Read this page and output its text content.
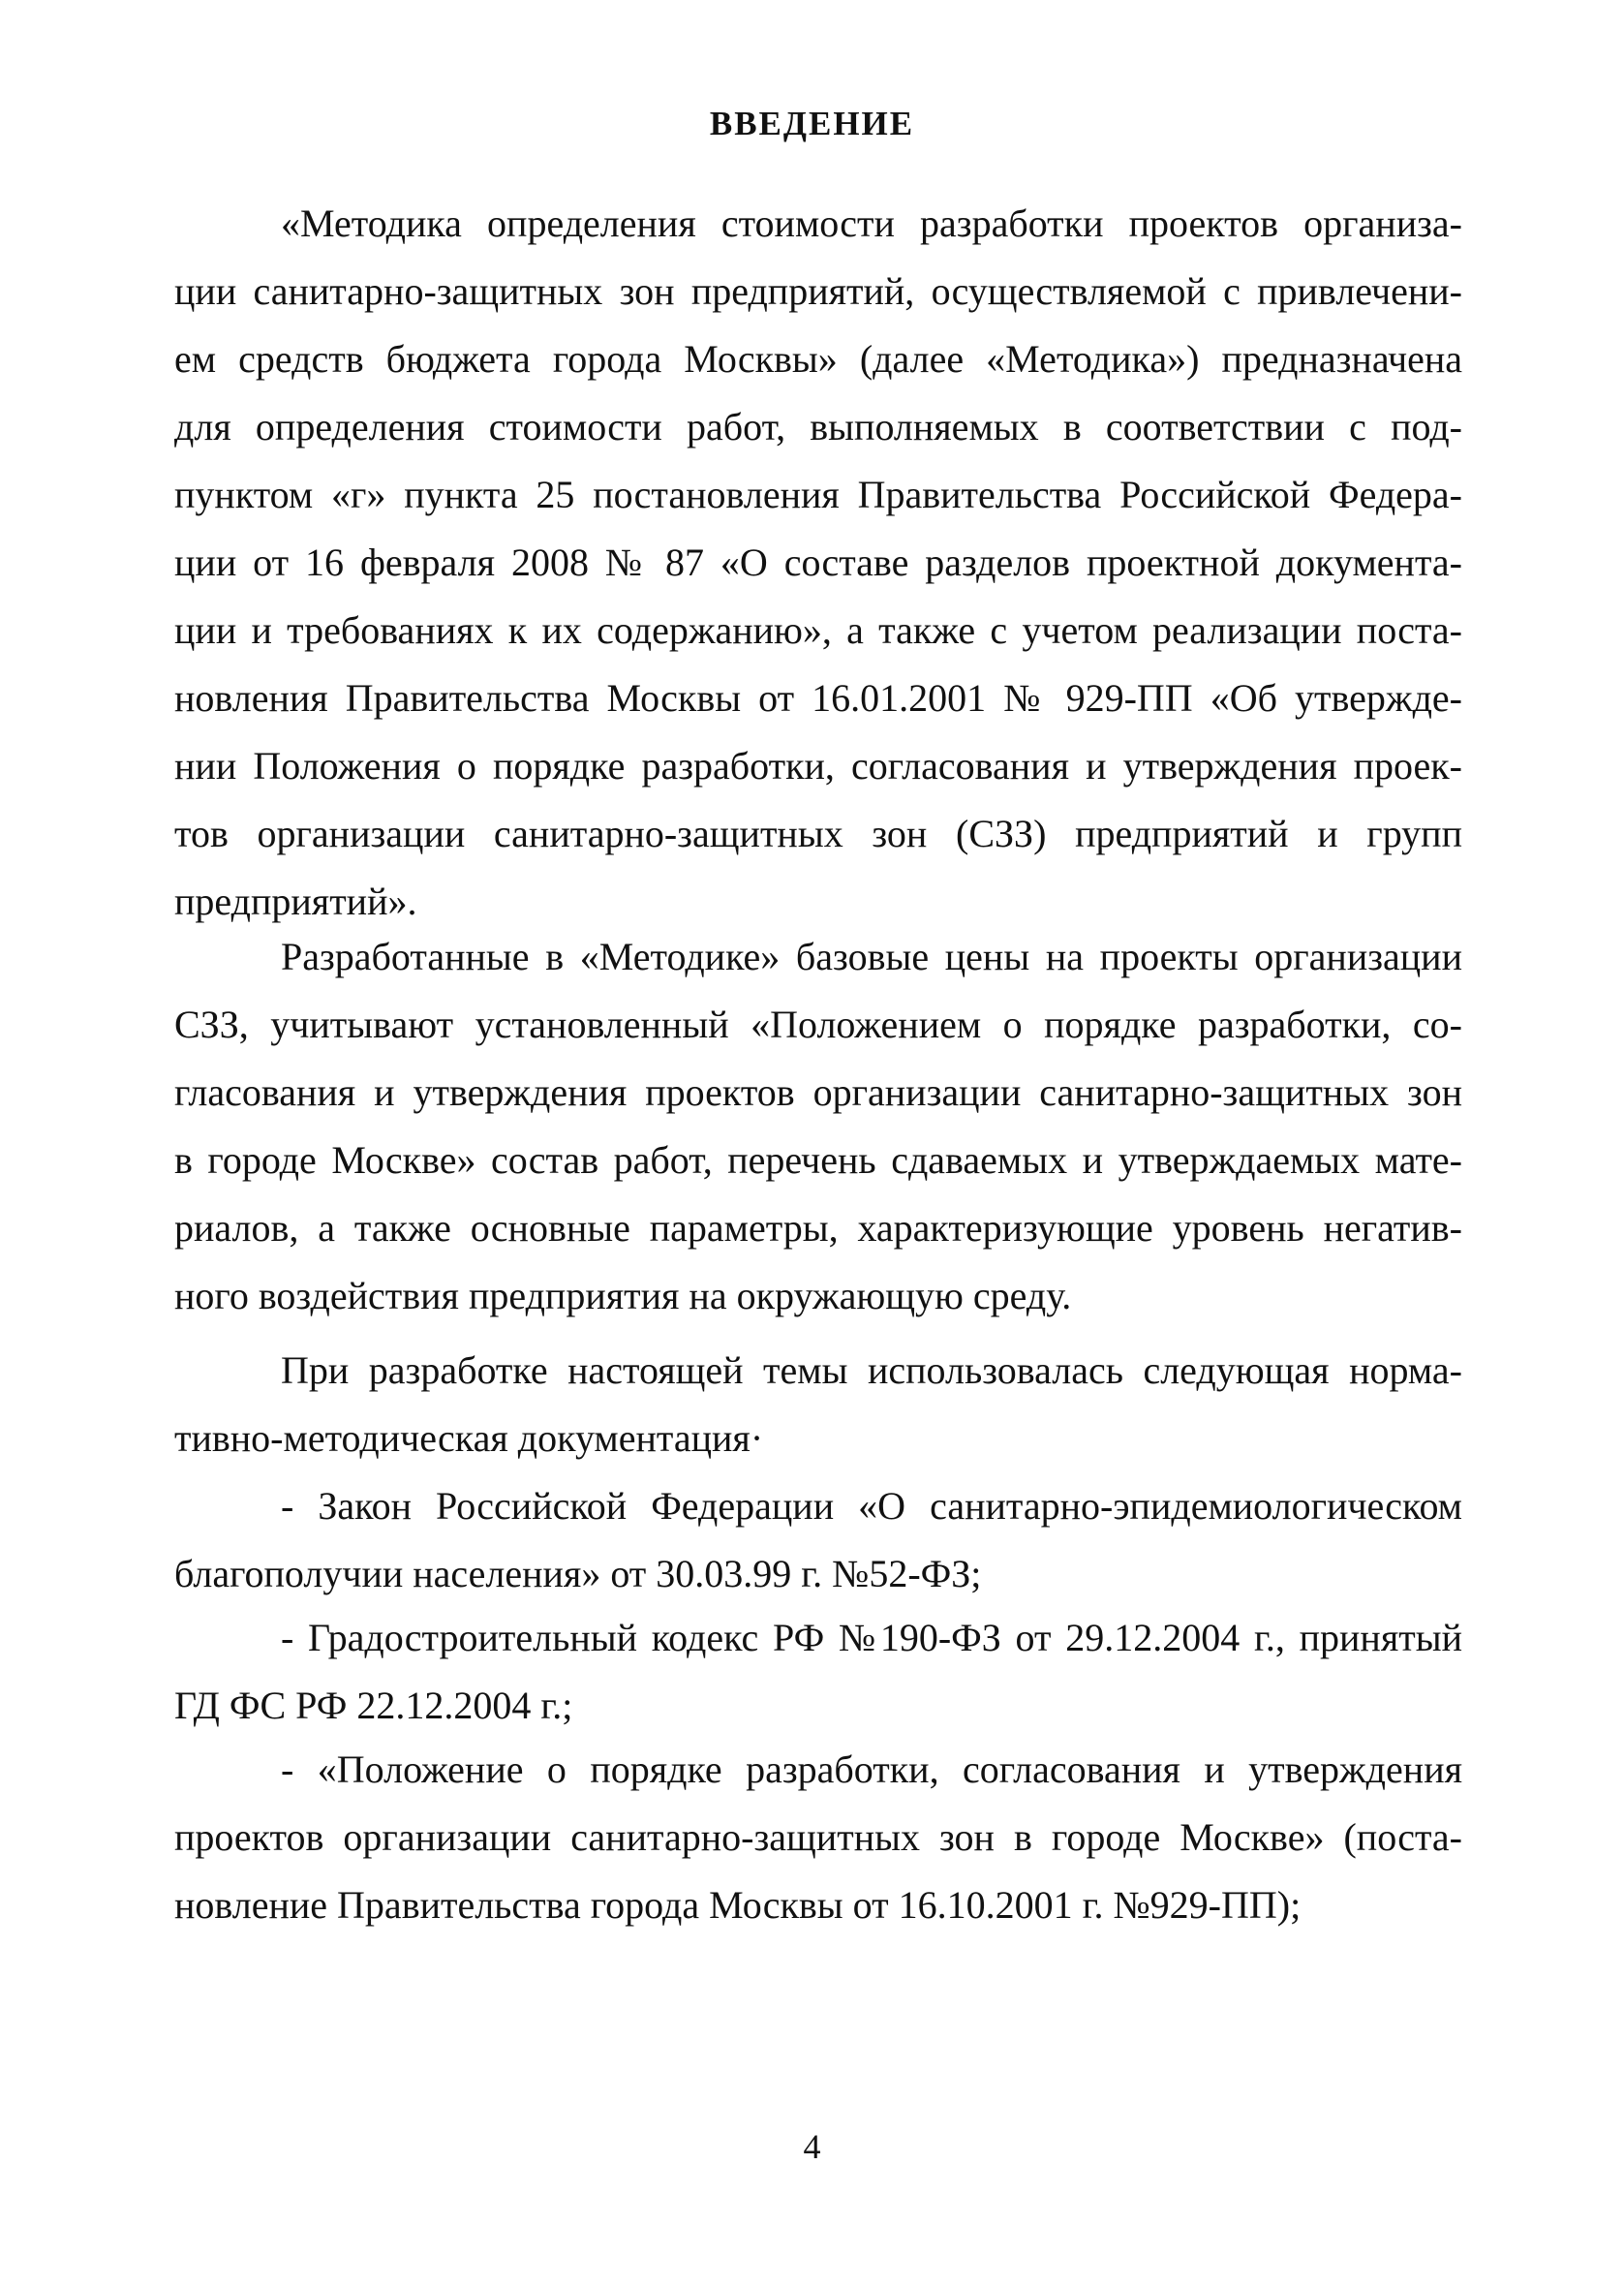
ВВЕДЕНИЕ
«Методика определения стоимости разработки проектов организа-
ции санитарно-защитных зон предприятий, осуществляемой с привлечени-
ем средств бюджета города Москвы» (далее «Методика») предназначена
для определения стоимости работ, выполняемых в соответствии с под-
пунктом «г» пункта 25 постановления Правительства Российской Федера-
ции от 16 февраля 2008 № 87 «О составе разделов проектной документа-
ции и требованиях к их содержанию», а также с учетом реализации поста-
новления Правительства Москвы от 16.01.2001 № 929-ПП «Об утвержде-
нии Положения о порядке разработки, согласования и утверждения проек-
тов организации санитарно-защитных зон (СЗЗ) предприятий и групп
предприятий».
Разработанные в «Методике» базовые цены на проекты организации
СЗЗ, учитывают установленный «Положением о порядке разработки, со-
гласования и утверждения проектов организации санитарно-защитных зон
в городе Москве» состав работ, перечень сдаваемых и утверждаемых мате-
риалов, а также основные параметры, характеризующие уровень негатив-
ного воздействия предприятия на окружающую среду.
При разработке настоящей темы использовалась следующая норма-
тивно-методическая документация·
- Закон Российской Федерации «О санитарно-эпидемиологическом
благополучии населения» от 30.03.99 г. №52-ФЗ;
- Градостроительный кодекс РФ №190-ФЗ от 29.12.2004 г., принятый
ГД ФС РФ 22.12.2004 г.;
- «Положение о порядке разработки, согласования и утверждения
проектов организации санитарно-защитных зон в городе Москве» (поста-
новление Правительства города Москвы от 16.10.2001 г. №929-ПП);
4
